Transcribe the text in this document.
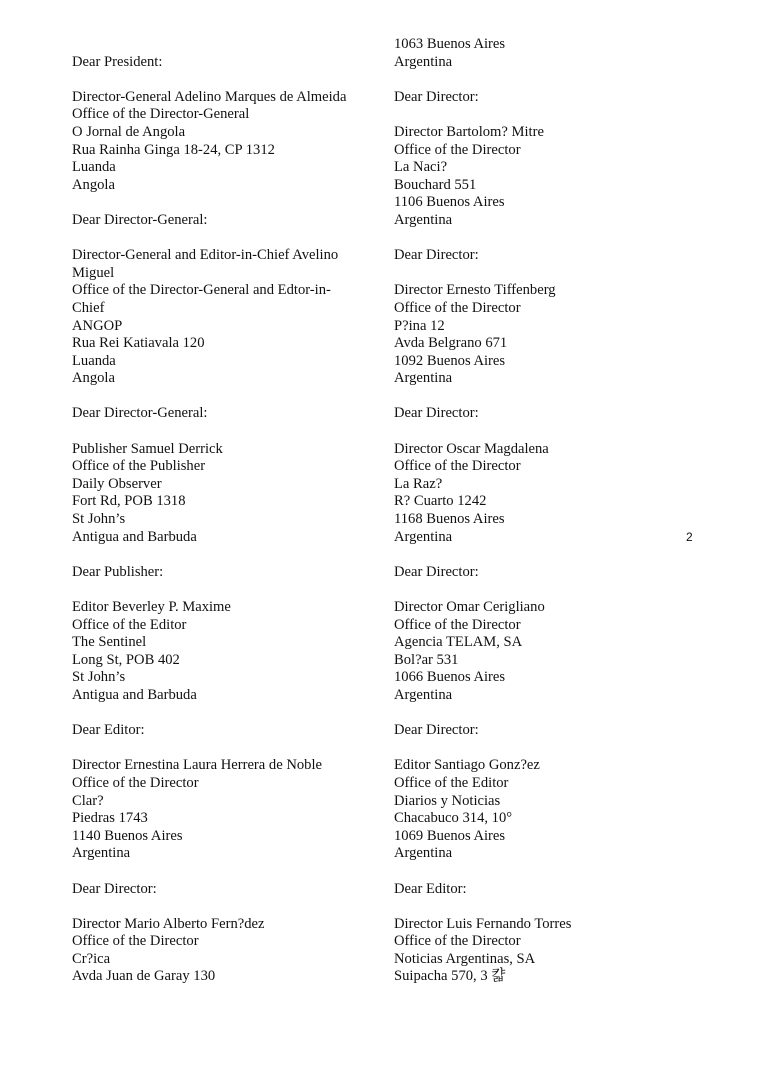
Dear President:
Director-General Adelino Marques de Almeida
Office of the Director-General
O Jornal de Angola
Rua Rainha Ginga 18-24, CP 1312
Luanda
Angola
Dear Director-General:
Director-General and Editor-in-Chief Avelino
Miguel
Office of the Director-General and Edtor-in-
Chief
ANGOP
Rua Rei Katiavala 120
Luanda
Angola
Dear Director-General:
Publisher Samuel Derrick
Office of the Publisher
Daily Observer
Fort Rd, POB 1318
St John’s
Antigua and Barbuda
Dear Publisher:
Editor Beverley P. Maxime
Office of the Editor
The Sentinel
Long St, POB 402
St John’s
Antigua and Barbuda
Dear Editor:
Director Ernestina Laura Herrera de Noble
Office of the Director
Clar?
Piedras 1743
1140 Buenos Aires
Argentina
Dear Director:
Director Mario Alberto Fern?dez
Office of the Director
Cr?ica
Avda Juan de Garay 130
1063 Buenos Aires
Argentina
Dear Director:
Director Bartolom? Mitre
Office of the Director
La Naci?
Bouchard 551
1106 Buenos Aires
Argentina
Dear Director:
Director Ernesto Tiffenberg
Office of the Director
P?ina 12
Avda Belgrano 671
1092 Buenos Aires
Argentina
Dear Director:
Director Oscar Magdalena
Office of the Director
La Raz?
R? Cuarto 1242
1168 Buenos Aires
Argentina
Dear Director:
Director Omar Cerigliano
Office of the Director
Agencia TELAM, SA
Bol?ar 531
1066 Buenos Aires
Argentina
Dear Director:
Editor Santiago Gonz?ez
Office of the Editor
Diarios y Noticias
Chacabuco 314, 10°
1069 Buenos Aires
Argentina
Dear Editor:
Director Luis Fernando Torres
Office of the Director
Noticias Argentinas, SA
Suipacha 570, 3 캷
2
